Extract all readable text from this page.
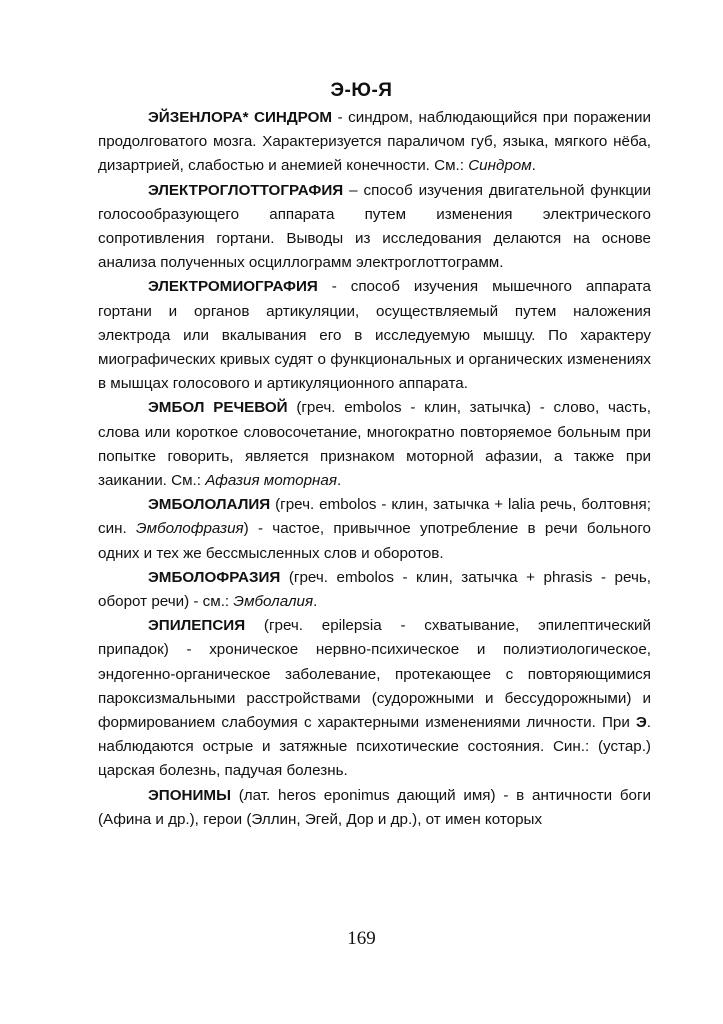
Э-Ю-Я

ЭЙЗЕНЛОРА* СИНДРОМ - синдром, наблюдающийся при поражении продолговатого мозга. Характеризуется параличом губ, языка, мягкого нёба, дизартрией, слабостью и анемией конечности. См.: Синдром.

ЭЛЕКТРОГЛОТТОГРАФИЯ – способ изучения двигательной функции голосообразующего аппарата путем изменения электрического сопротивления гортани. Выводы из исследования делаются на основе анализа полученных осциллограмм электроглоттограмм.

ЭЛЕКТРОМИОГРАФИЯ - способ изучения мышечного аппарата гортани и органов артикуляции, осуществляемый путем наложения электрода или вкалывания его в исследуемую мышцу. По характеру миографических кривых судят о функциональных и органических изменениях в мышцах голосового и артикуляционного аппарата.

ЭМБОЛ РЕЧЕВОЙ (греч. embolos - клин, затычка) - слово, часть, слова или короткое словосочетание, многократно повторяемое больным при попытке говорить, является признаком моторной афазии, а также при заикании. См.: Афазия моторная.

ЭМБОЛОЛАЛИЯ (греч. embolos - клин, затычка + lalia речь, болтовня; син. Эмболофразия) - частое, привычное употребление в речи больного одних и тех же бессмысленных слов и оборотов.

ЭМБОЛОФРАЗИЯ (греч. embolos - клин, затычка + phrasis - речь, оборот речи) - см.: Эмболалия.

ЭПИЛЕПСИЯ (греч. epilepsia - схватывание, эпилептический припадок) - хроническое нервно-психическое и полиэтиологическое, эндогенно-органическое заболевание, протекающее с повторяющимися пароксизмальными расстройствами (судорожными и бессудорожными) и формированием слабоумия с характерными изменениями личности. При Э. наблюдаются острые и затяжные психотические состояния. Син.: (устар.) царская болезнь, падучая болезнь.

ЭПОНИМЫ (лат. heros eponimus дающий имя) - в античности боги (Афина и др.), герои (Эллин, Эгей, Дор и др.), от имен которых

169
